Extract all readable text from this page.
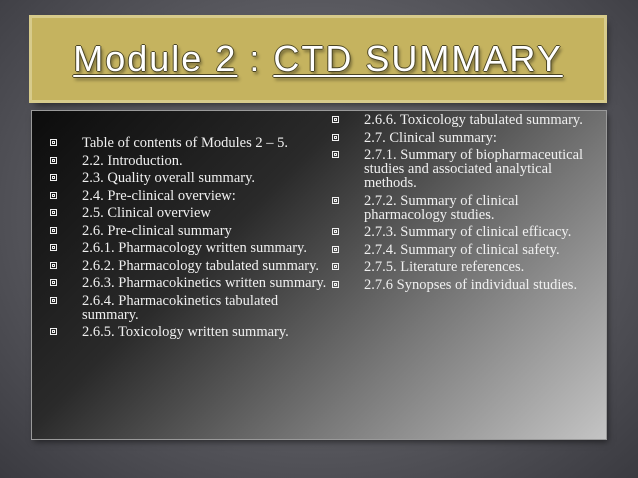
Module 2 : CTD SUMMARY
Table of contents of Modules 2 – 5.
2.2. Introduction.
2.3. Quality overall summary.
2.4. Pre-clinical overview:
2.5. Clinical overview
2.6. Pre-clinical summary
2.6.1. Pharmacology written summary.
2.6.2. Pharmacology tabulated summary.
2.6.3. Pharmacokinetics written summary.
2.6.4. Pharmacokinetics tabulated summary.
2.6.5. Toxicology written summary.
2.6.6. Toxicology tabulated summary.
2.7. Clinical summary:
2.7.1. Summary of biopharmaceutical studies and associated analytical methods.
2.7.2. Summary of clinical pharmacology studies.
2.7.3. Summary of clinical efficacy.
2.7.4. Summary of clinical safety.
2.7.5. Literature references.
2.7.6 Synopses of individual studies.
